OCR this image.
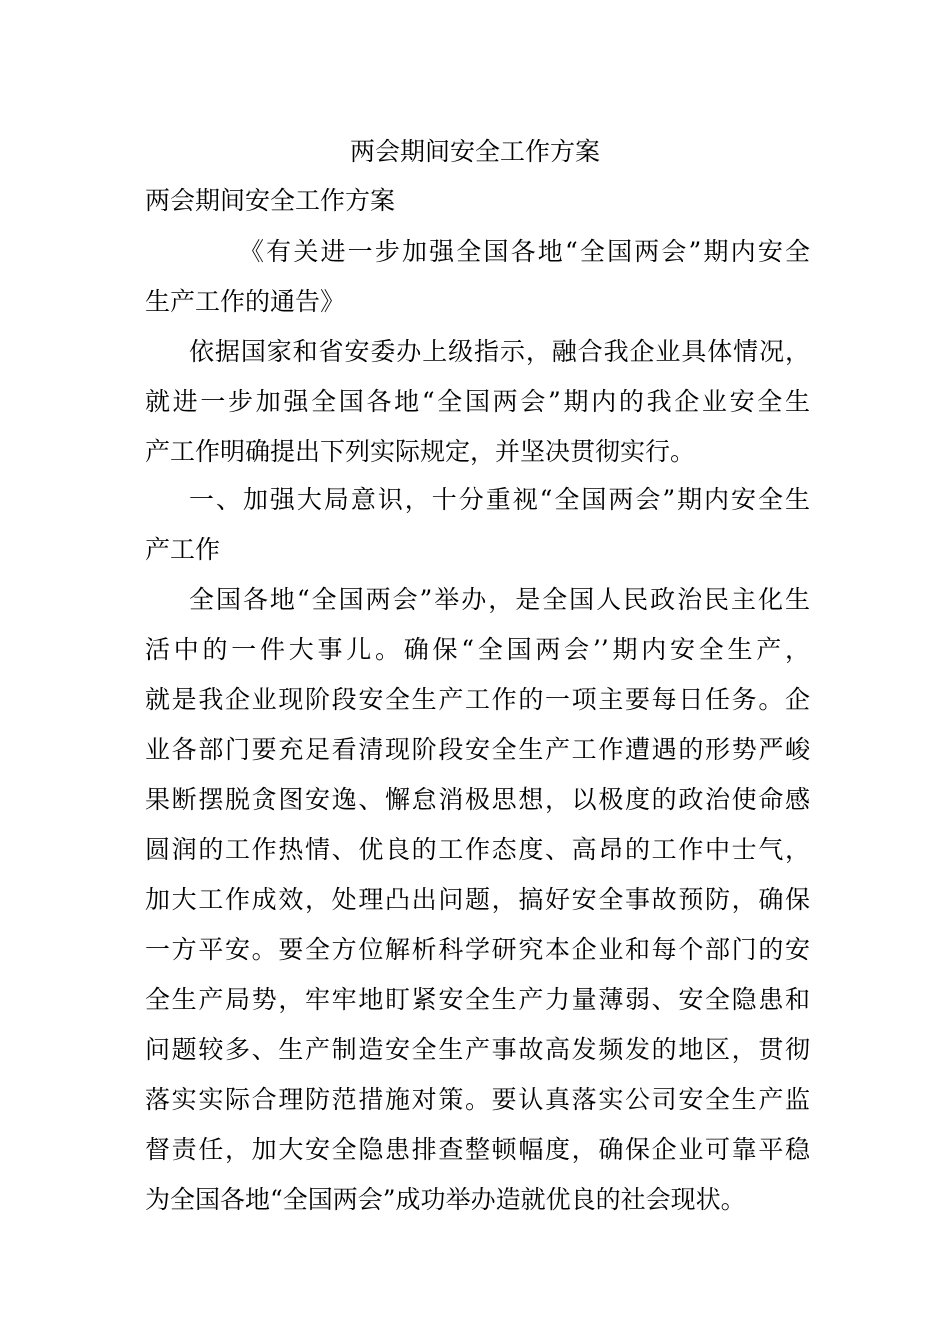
两会期间安全工作方案
两会期间安全工作方案
《有关进一步加强全国各地“全国两会”期内安全
生产工作的通告》
依据国家和省安委办上级指示，融合我企业具体情况，
就进一步加强全国各地“全国两会”期内的我企业安全生
产工作明确提出下列实际规定，并坚决贯彻实行。
一、加强大局意识，十分重视“全国两会”期内安全生
产工作
全国各地“全国两会”举办，是全国人民政治民主化生
活中的一件大事儿。确保“全国两会’’期内安全生产，
就是我企业现阶段安全生产工作的一项主要每日任务。企
业各部门要充足看清现阶段安全生产工作遭遇的形势严峻
果断摆脱贪图安逸、懈怠消极思想，以极度的政治使命感
圆润的工作热情、优良的工作态度、高昂的工作中士气，
加大工作成效，处理凸出问题，搞好安全事故预防，确保
一方平安。要全方位解析科学研究本企业和每个部门的安
全生产局势，牢牢地盯紧安全生产力量薄弱、安全隐患和
问题较多、生产制造安全生产事故高发频发的地区，贯彻
落实实际合理防范措施对策。要认真落实公司安全生产监
督责任，加大安全隐患排查整顿幅度，确保企业可靠平稳
为全国各地“全国两会”成功举办造就优良的社会现状。
